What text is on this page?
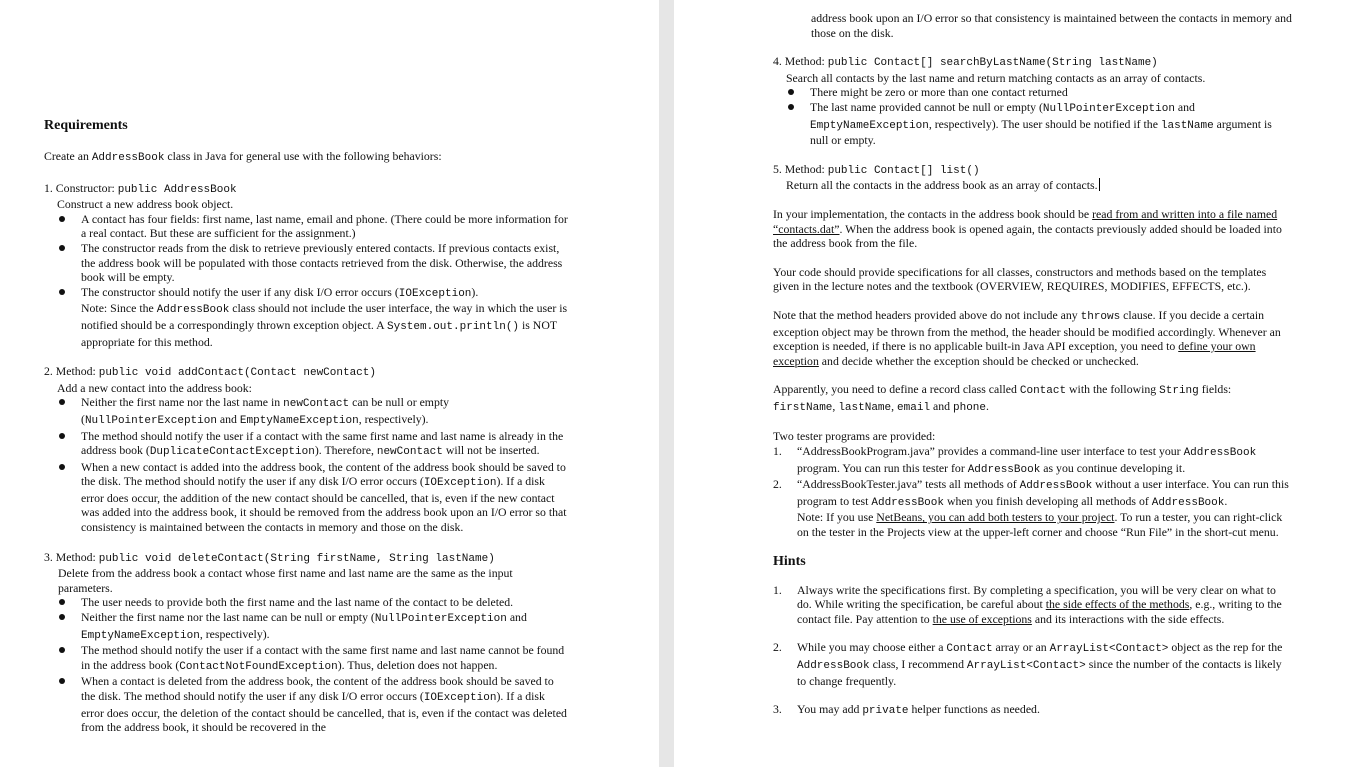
Requirements

Create an AddressBook class in Java for general use with the following behaviors:

1. Constructor: public AddressBook

Construct a new address book object.

A contact has four fields: first name, last name, email and phone. (There could be more information for a real contact. But these are sufficient for the assignment.)
The constructor reads from the disk to retrieve previously entered contacts. If previous contacts exist, the address book will be populated with those contacts retrieved from the disk. Otherwise, the address book will be empty.
The constructor should notify the user if any disk I/O error occurs (IOException).
Note: Since the AddressBook class should not include the user interface, the way in which the user is notified should be a correspondingly thrown exception object. A System.out.println() is NOT appropriate for this method.

2. Method: public void addContact(Contact newContact)

Add a new contact into the address book:

Neither the first name nor the last name in newContact can be null or empty (NullPointerException and EmptyNameException, respectively).
The method should notify the user if a contact with the same first name and last name is already in the address book (DuplicateContactException). Therefore, newContact will not be inserted.
When a new contact is added into the address book, the content of the address book should be saved to the disk. The method should notify the user if any disk I/O error occurs (IOException). If a disk error does occur, the addition of the new contact should be cancelled, that is, even if the new contact was added into the address book, it should be removed from the address book upon an I/O error so that consistency is maintained between the contacts in memory and those on the disk.

3. Method: public void deleteContact(String firstName, String lastName)

Delete from the address book a contact whose first name and last name are the same as the input parameters.

The user needs to provide both the first name and the last name of the contact to be deleted.
Neither the first name nor the last name can be null or empty (NullPointerException and EmptyNameException, respectively).
The method should notify the user if a contact with the same first name and last name cannot be found in the address book (ContactNotFoundException). Thus, deletion does not happen.
When a contact is deleted from the address book, the content of the address book should be saved to the disk. The method should notify the user if any disk I/O error occurs (IOException). If a disk error does occur, the deletion of the contact should be cancelled, that is, even if the contact was deleted from the address book, it should be recovered in the

address book upon an I/O error so that consistency is maintained between the contacts in memory and those on the disk.

4. Method: public Contact[] searchByLastName(String lastName)

Search all contacts by the last name and return matching contacts as an array of contacts.

There might be zero or more than one contact returned
The last name provided cannot be null or empty (NullPointerException and EmptyNameException, respectively). The user should be notified if the lastName argument is null or empty.

5. Method: public Contact[] list()

Return all the contacts in the address book as an array of contacts.

In your implementation, the contacts in the address book should be read from and written into a file named “contacts.dat”. When the address book is opened again, the contacts previously added should be loaded into the address book from the file.

Your code should provide specifications for all classes, constructors and methods based on the templates given in the lecture notes and the textbook (OVERVIEW, REQUIRES, MODIFIES, EFFECTS, etc.).

Note that the method headers provided above do not include any throws clause. If you decide a certain exception object may be thrown from the method, the header should be modified accordingly. Whenever an exception is needed, if there is no applicable built-in Java API exception, you need to define your own exception and decide whether the exception should be checked or unchecked.

Apparently, you need to define a record class called Contact with the following String fields: firstName, lastName, email and phone.

Two tester programs are provided:

1. “AddressBookProgram.java” provides a command-line user interface to test your AddressBook program. You can run this tester for AddressBook as you continue developing it.
2. “AddressBookTester.java” tests all methods of AddressBook without a user interface. You can run this program to test AddressBook when you finish developing all methods of AddressBook.
Note: If you use NetBeans, you can add both testers to your project. To run a tester, you can right-click on the tester in the Projects view at the upper-left corner and choose “Run File” in the short-cut menu.
Hints
1. Always write the specifications first. By completing a specification, you will be very clear on what to do. While writing the specification, be careful about the side effects of the methods, e.g., writing to the contact file. Pay attention to the use of exceptions and its interactions with the side effects.
2. While you may choose either a Contact array or an ArrayList<Contact> object as the rep for the AddressBook class, I recommend ArrayList<Contact> since the number of the contacts is likely to change frequently.
3. You may add private helper functions as needed.
